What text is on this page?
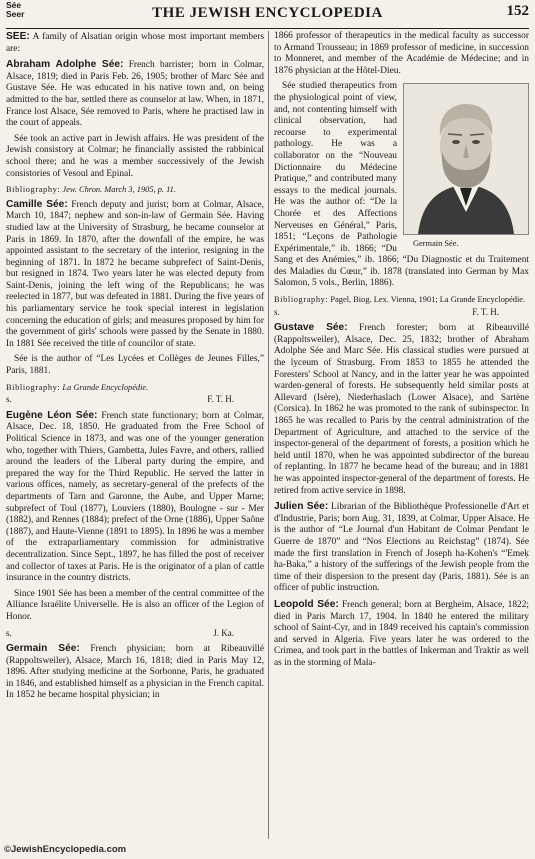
Sée
Seer	THE JEWISH ENCYCLOPEDIA	152

SÉE: A family of Alsatian origin whose most important members are:

Abraham Adolphe Sée: French barrister; born in Colmar, Alsace, 1819; died in Paris Feb. 26, 1905; brother of Marc Sée and Gustave Sée. He was educated in his native town and, on being admitted to the bar, settled there as counselor at law. When, in 1871, France lost Alsace, Sée removed to Paris, where he practised law in the court of appeals.

Sée took an active part in Jewish affairs. He was president of the Jewish consistory at Colmar; he financially assisted the rabbinical school there; and he was a member successively of the Jewish consistories of Vesoul and Epinal.

Bibliography: Jew. Chron. March 3, 1905, p. 11.

Camille Sée: French deputy and jurist; born at Colmar, Alsace, March 10, 1847; nephew and son-in-law of Germain Sée. Having studied law at the University of Strasburg, he became counselor at Paris in 1869. In 1870, after the downfall of the empire, he was appointed assistant to the secretary of the interior, resigning in the beginning of 1871. In 1872 he became subprefect of Saint-Denis, but resigned in 1874. Two years later he was elected deputy from Saint-Denis, joining the left wing of the Republicans; he was reelected in 1877, but was defeated in 1881. During the five years of his parliamentary service he took special interest in legislation concerning the education of girls; and measures proposed by him for the government of girls' schools were passed by the Senate in 1880. In 1881 Sée received the title of councilor of state.

Sée is the author of “Les Lycées et Collèges de Jeunes Filles,” Paris, 1881.

Bibliography: La Grande Encyclopédie.

s.	F. T. H.

Eugène Léon Sée: French state functionary; born at Colmar, Alsace, Dec. 18, 1850. He graduated from the Free School of Political Science in 1873, and was one of the younger generation who, together with Thiers, Gambetta, Jules Favre, and others, rallied around the leaders of the Liberal party during the empire, and prepared the way for the Third Republic. He served the latter in various offices, namely, as secretary-general of the prefects of the departments of Tarn and Garonne, the Aube, and Upper Marne; subprefect of Toul (1877), Louviers (1880), Boulogne - sur - Mer (1882), and Rennes (1884); prefect of the Orne (1886), Upper Saône (1887), and Haute-Vienne (1891 to 1895). In 1896 he was a member of the extraparliamentary commission for administrative decentralization. Since Sept., 1897, he has filled the post of receiver and collector of taxes at Paris. He is the originator of a plan of cattle insurance in the country districts.

Since 1901 Sée has been a member of the central committee of the Alliance Israélite Universelle. He is also an officer of the Legion of Honor.

s.	J. Ka.

Germain Sée: French physician; born at Ribeauvillé (Rappoltsweiler), Alsace, March 16, 1818; died in Paris May 12, 1896. After studying medicine at the Sorbonne, Paris, he graduated in 1846, and established himself as a physician in the French capital. In 1852 he became hospital physician; in

1866 professor of therapeutics in the medical faculty as successor to Armand Trousseau; in 1869 professor of medicine, in succession to Monneret, and member of the Académie de Médecine; and in 1876 physician at the Hôtel-Dieu.

Germain Sée.

Sée studied therapeutics from the physiological point of view, and, not contenting himself with clinical observation, had recourse to experimental pathology. He was a collaborator on the “Nouveau Dictionnaire du Médecine Pratique,” and contributed many essays to the medical journals. He was the author of: “De la Chorée et des Affections Nerveuses en Général,” Paris, 1851; “Leçons de Pathologie Expérimentale,” ib. 1866; “Du Sang et des Anémies,” ib. 1866; “Du Diagnostic et du Traitement des Maladies du Cœur,” ib. 1878 (translated into German by Max Salomon, 5 vols., Berlin, 1886).

Bibliography: Pagel, Biog. Lex. Vienna, 1901; La Grande Encyclopédie.

s.	F. T. H.

Gustave Sée: French forester; born at Ribeauvillé (Rappoltsweiler), Alsace, Dec. 25, 1832; brother of Abraham Adolphe Sée and Marc Sée. His classical studies were pursued at the lyceum of Strasburg. From 1853 to 1855 he attended the Foresters' School at Nancy, and in the latter year he was appointed warden-general of forests. He subsequently held similar posts at Allevard (Isère), Niederhaslach (Lower Alsace), and Sartène (Corsica). In 1862 he was promoted to the rank of subinspector. In 1865 he was recalled to Paris by the central administration of the Department of Agriculture, and attached to the service of the inspector-general of the department of forests, a position which he held until 1870, when he was appointed subdirector of the bureau of replanting. In 1877 he became head of the bureau; and in 1881 he was appointed inspector-general of the department of forests. He retired from active service in 1898.

Julien Sée: Librarian of the Bibliothèque Professionelle d'Art et d'Industrie, Paris; born Aug. 31, 1839, at Colmar, Upper Alsace. He is the author of “Le Journal d'un Habitant de Colmar Pendant le Guerre de 1870” and “Nos Elections au Reichstag” (1874). Sée made the first translation in French of Joseph ha-Kohen's “'Emeḳ ha-Baka,” a history of the sufferings of the Jewish people from the time of their dispersion to the present day (Paris, 1881). Sée is an officer of public instruction.

Leopold Sée: French general; born at Bergheim, Alsace, 1822; died in Paris March 17, 1904. In 1840 he entered the military school of Saint-Cyr, and in 1849 received his captain's commission and served in Algeria. Five years later he was ordered to the Crimea, and took part in the battles of Inkerman and Traktir as well as in the storming of Mala-

©JewishEncyclopedia.com
